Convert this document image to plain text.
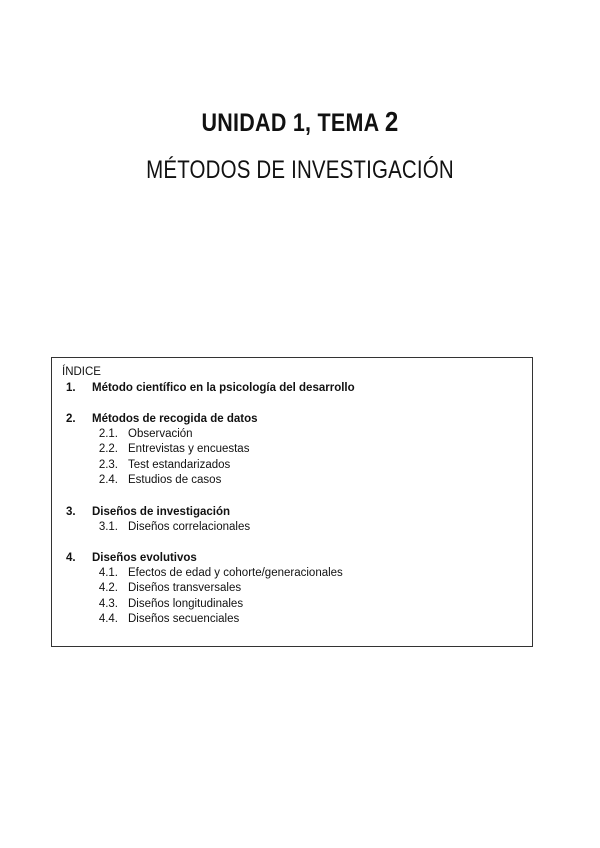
UNIDAD 1, TEMA 2
MÉTODOS DE INVESTIGACIÓN
ÍNDICE
1.	Método científico en la psicología del desarrollo
2.	Métodos de recogida de datos
2.1. Observación
2.2. Entrevistas y encuestas
2.3. Test estandarizados
2.4. Estudios de casos
3.	Diseños de investigación
3.1. Diseños correlacionales
4.	Diseños evolutivos
4.1. Efectos de edad y cohorte/generacionales
4.2. Diseños transversales
4.3. Diseños longitudinales
4.4. Diseños secuenciales
